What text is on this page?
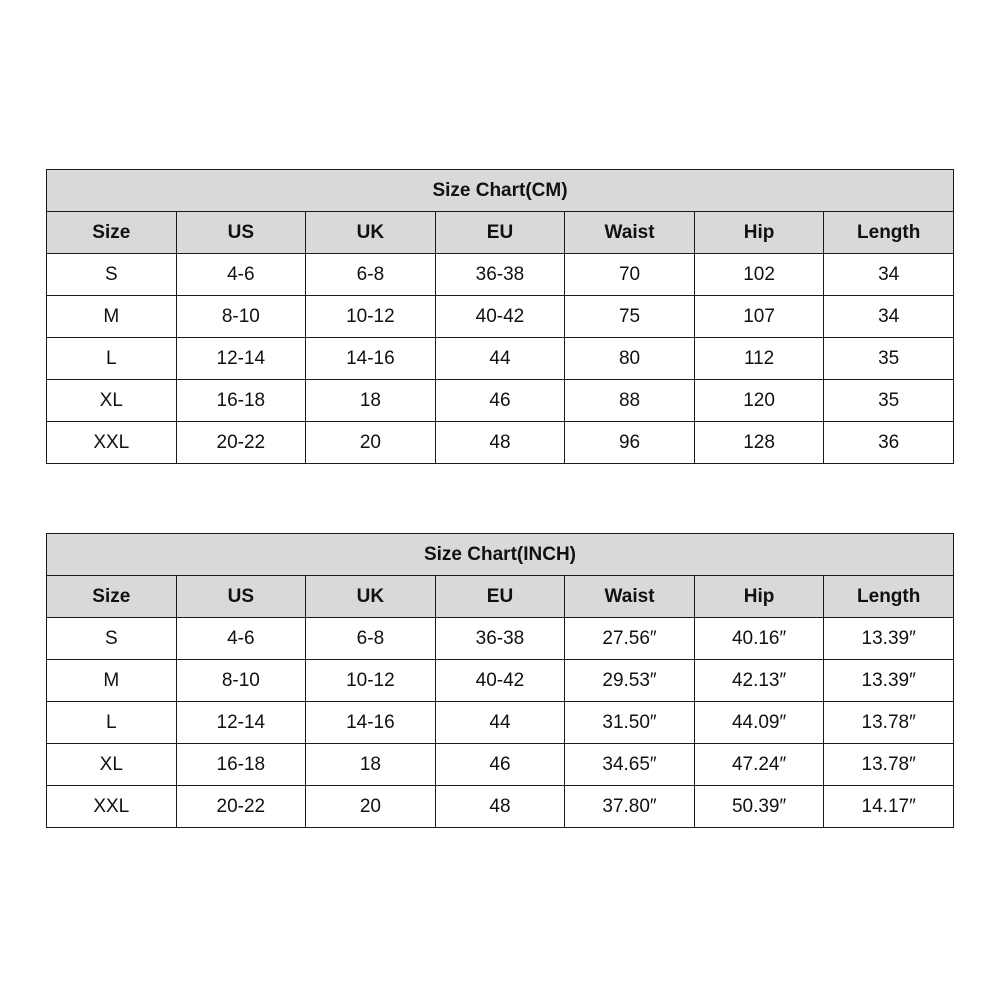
Size Chart(CM)						
Size	US	UK	EU	Waist	Hip	Length
S	4-6	6-8	36-38	70	102	34
M	8-10	10-12	40-42	75	107	34
L	12-14	14-16	44	80	112	35
XL	16-18	18	46	88	120	35
XXL	20-22	20	48	96	128	36
Size Chart(INCH)						
Size	US	UK	EU	Waist	Hip	Length
S	4-6	6-8	36-38	27.56″	40.16″	13.39″
M	8-10	10-12	40-42	29.53″	42.13″	13.39″
L	12-14	14-16	44	31.50″	44.09″	13.78″
XL	16-18	18	46	34.65″	47.24″	13.78″
XXL	20-22	20	48	37.80″	50.39″	14.17″
